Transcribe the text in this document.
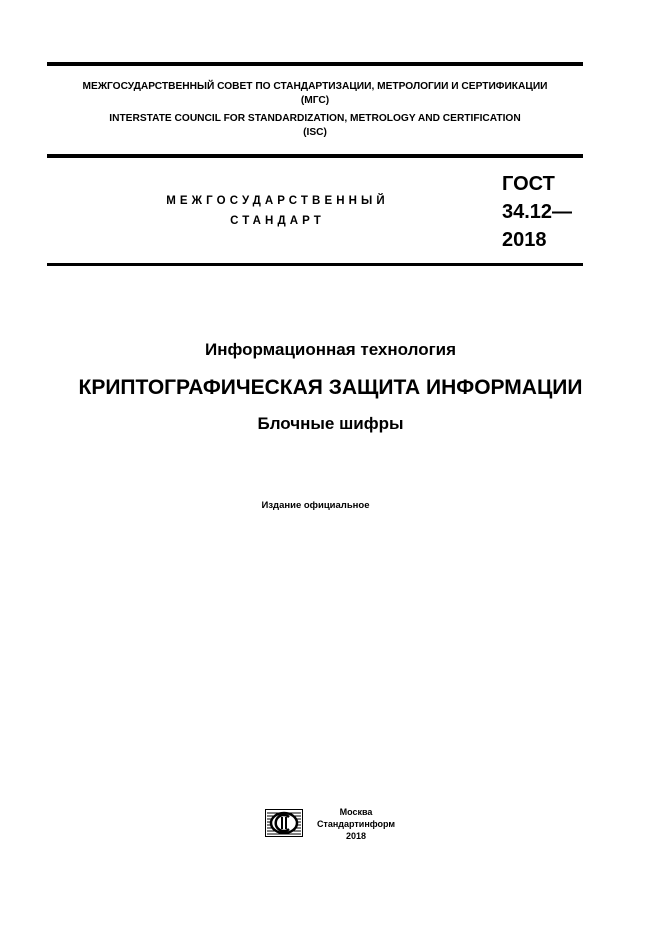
МЕЖГОСУДАРСТВЕННЫЙ СОВЕТ ПО СТАНДАРТИЗАЦИИ, МЕТРОЛОГИИ И СЕРТИФИКАЦИИ
(МГС)
INTERSTATE COUNCIL FOR STANDARDIZATION, METROLOGY AND CERTIFICATION
(ISC)
МЕЖГОСУДАРСТВЕННЫЙ
СТАНДАРТ
ГОСТ
34.12—
2018
Информационная технология
КРИПТОГРАФИЧЕСКАЯ ЗАЩИТА ИНФОРМАЦИИ
Блочные шифры
Издание официальное
Москва
Стандартинформ
2018
